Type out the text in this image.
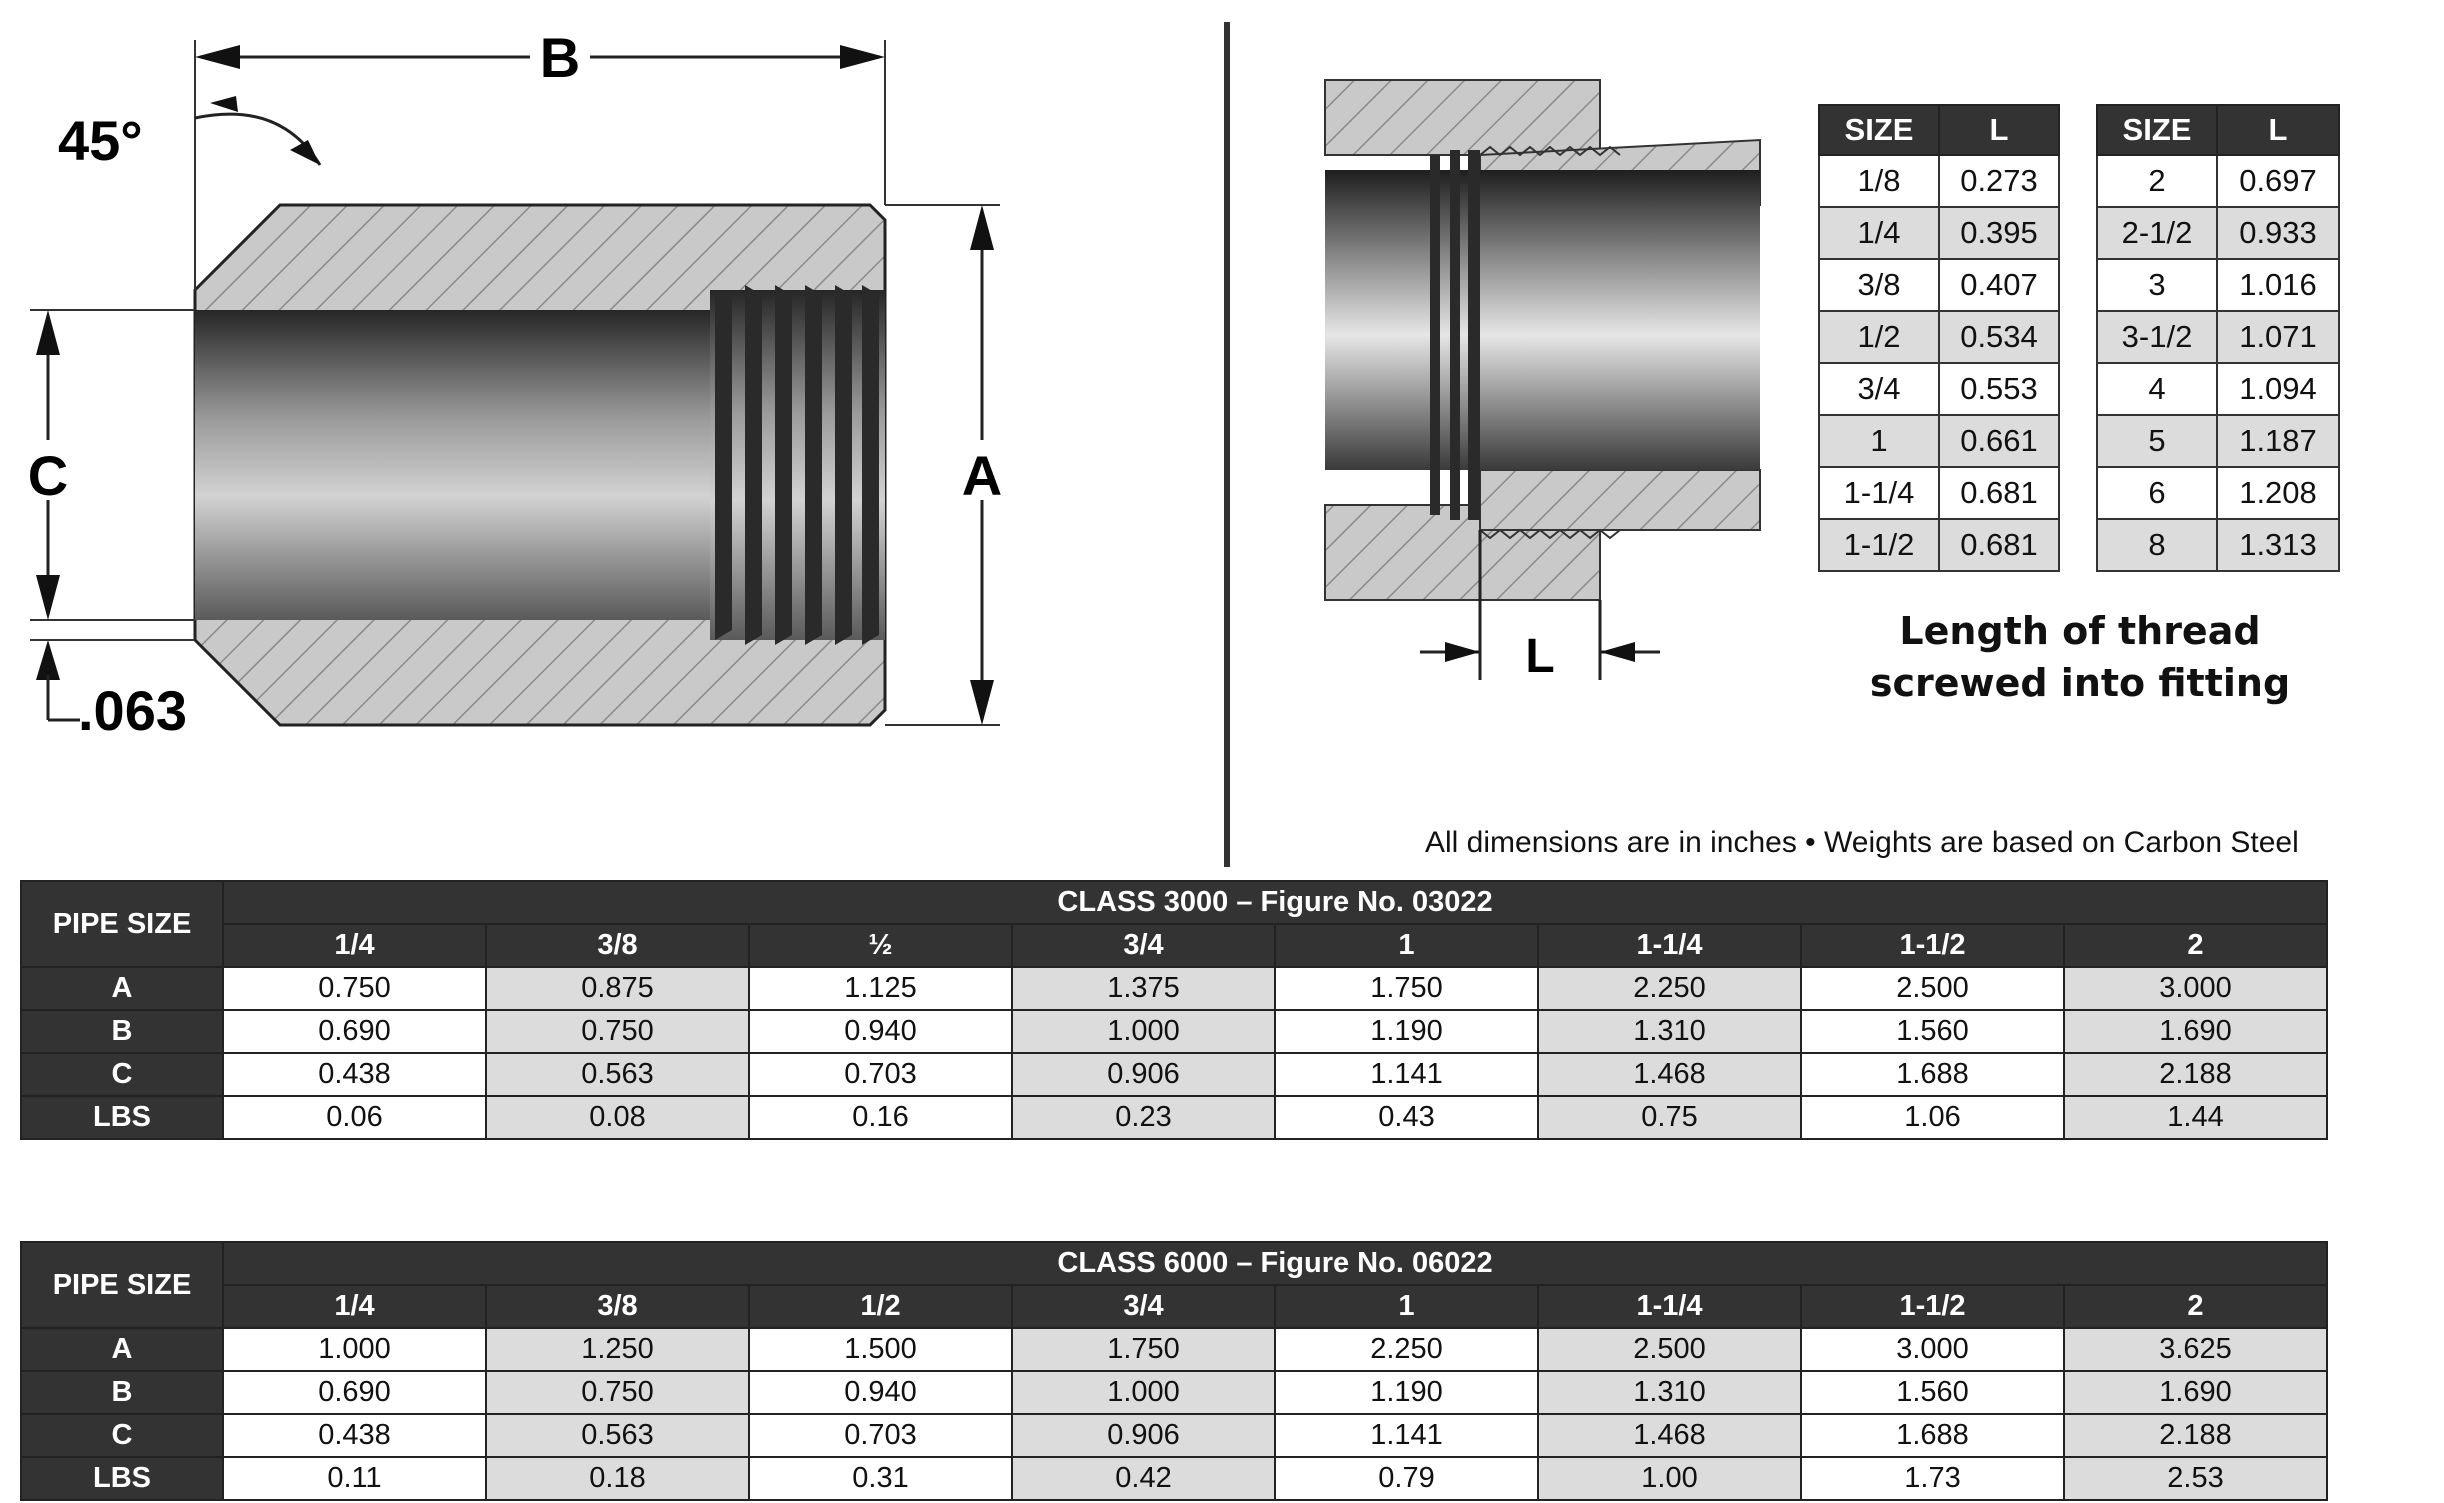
B
45°
A
C
.063
L
SIZE	L
1/8	0.273
1/4	0.395
3/8	0.407
1/2	0.534
3/4	0.553
1	0.661
1-1/4	0.681
1-1/2	0.681
SIZE	L
2	0.697
2-1/2	0.933
3	1.016
3-1/2	1.071
4	1.094
5	1.187
6	1.208
8	1.313
Length of thread
screwed into fitting
All dimensions are in inches • Weights are based on Carbon Steel
PIPE SIZE	CLASS 3000 – Figure No. 03022							
	1/4	3/8	½	3/4	1	1-1/4	1-1/2	2
A	0.750	0.875	1.125	1.375	1.750	2.250	2.500	3.000
B	0.690	0.750	0.940	1.000	1.190	1.310	1.560	1.690
C	0.438	0.563	0.703	0.906	1.141	1.468	1.688	2.188
LBS	0.06	0.08	0.16	0.23	0.43	0.75	1.06	1.44
PIPE SIZE	CLASS 6000 – Figure No. 06022							
	1/4	3/8	1/2	3/4	1	1-1/4	1-1/2	2
A	1.000	1.250	1.500	1.750	2.250	2.500	3.000	3.625
B	0.690	0.750	0.940	1.000	1.190	1.310	1.560	1.690
C	0.438	0.563	0.703	0.906	1.141	1.468	1.688	2.188
LBS	0.11	0.18	0.31	0.42	0.79	1.00	1.73	2.53
